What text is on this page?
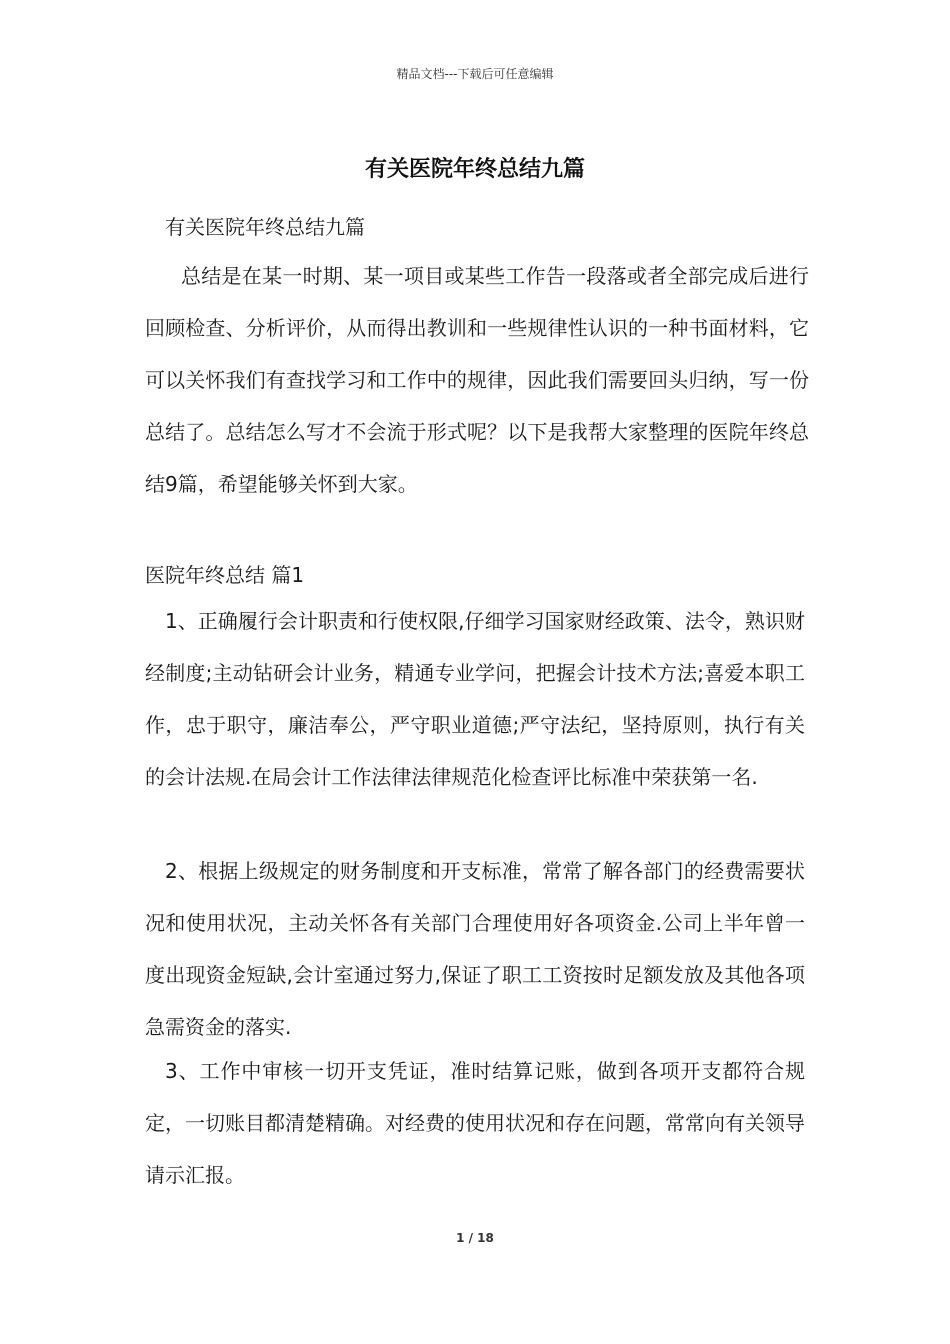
精品文档---下载后可任意编辑
有关医院年终总结九篇
有关医院年终总结九篇
总结是在某一时期、某一项目或某些工作告一段落或者全部完成后进行回顾检查、分析评价，从而得出教训和一些规律性认识的一种书面材料，它可以关怀我们有查找学习和工作中的规律，因此我们需要回头归纳，写一份总结了。总结怎么写才不会流于形式呢？以下是我帮大家整理的医院年终总结9篇，希望能够关怀到大家。
医院年终总结 篇1
1、正确履行会计职责和行使权限,仔细学习国家财经政策、法令，熟识财经制度;主动钻研会计业务，精通专业学问，把握会计技术方法;喜爱本职工作，忠于职守，廉洁奉公，严守职业道德;严守法纪，坚持原则，执行有关的会计法规.在局会计工作法律法律规范化检查评比标准中荣获第一名.
2、根据上级规定的财务制度和开支标准，常常了解各部门的经费需要状况和使用状况，主动关怀各有关部门合理使用好各项资金.公司上半年曾一度出现资金短缺,会计室通过努力,保证了职工工资按时足额发放及其他各项急需资金的落实.
3、工作中审核一切开支凭证，准时结算记账，做到各项开支都符合规定，一切账目都清楚精确。对经费的使用状况和存在问题，常常向有关领导请示汇报。
1 / 18
